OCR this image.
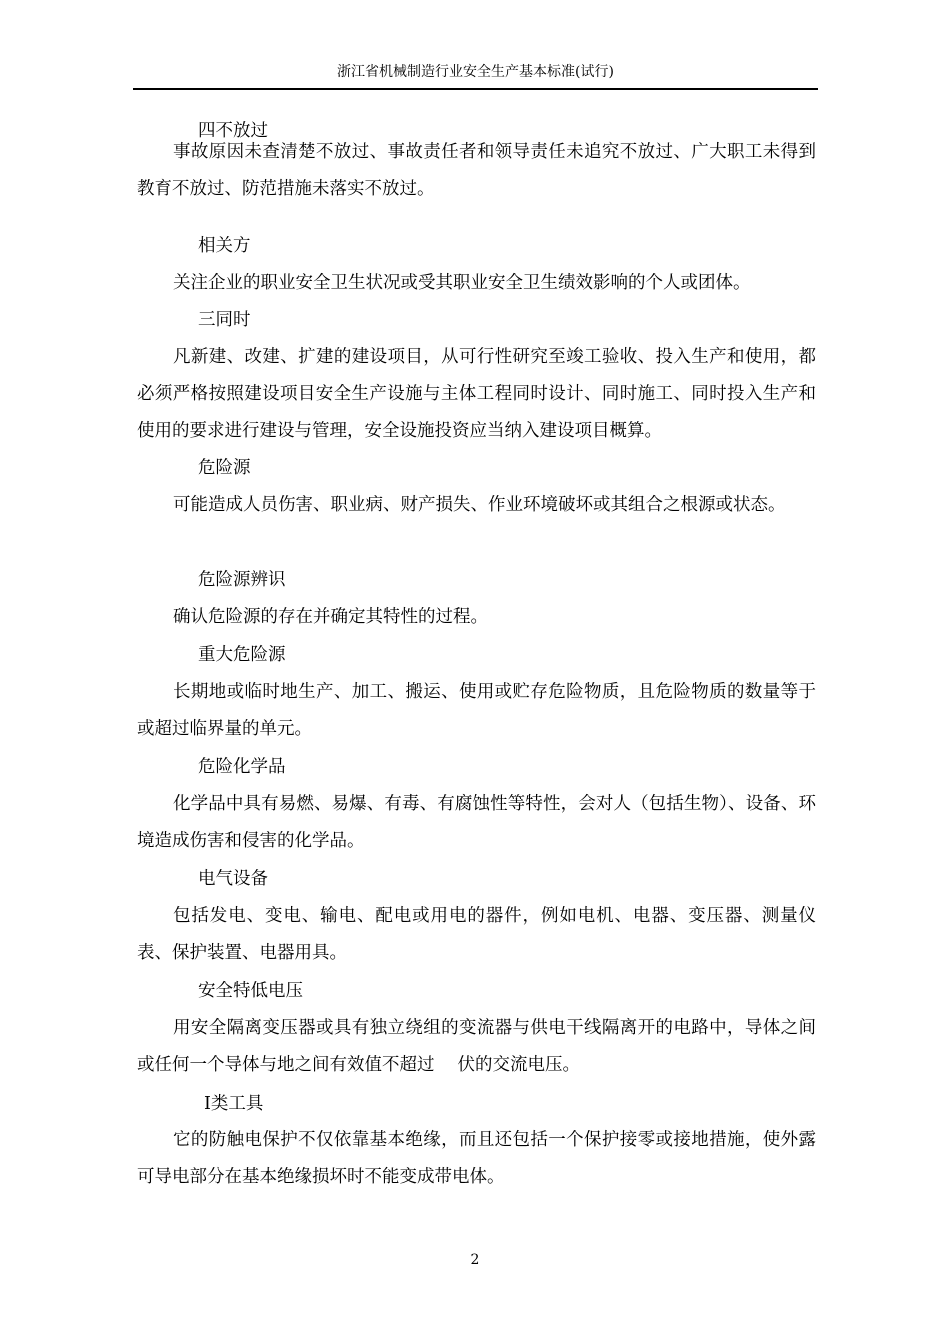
浙江省机械制造行业安全生产基本标准(试行)
四不放过

事故原因未查清楚不放过、事故责任者和领导责任未追究不放过、广大职工未得到教育不放过、防范措施未落实不放过。

相关方

关注企业的职业安全卫生状况或受其职业安全卫生绩效影响的个人或团体。

三同时

凡新建、改建、扩建的建设项目，从可行性研究至竣工验收、投入生产和使用，都必须严格按照建设项目安全生产设施与主体工程同时设计、同时施工、同时投入生产和使用的要求进行建设与管理，安全设施投资应当纳入建设项目概算。

危险源

可能造成人员伤害、职业病、财产损失、作业环境破坏或其组合之根源或状态。

危险源辨识

确认危险源的存在并确定其特性的过程。

重大危险源

长期地或临时地生产、加工、搬运、使用或贮存危险物质，且危险物质的数量等于或超过临界量的单元。

危险化学品

化学品中具有易燃、易爆、有毒、有腐蚀性等特性，会对人（包括生物）、设备、环境造成伤害和侵害的化学品。

电气设备

包括发电、变电、输电、配电或用电的器件，例如电机、电器、变压器、测量仪表、保护装置、电器用具。

安全特低电压

用安全隔离变压器或具有独立绕组的变流器与供电干线隔离开的电路中，导体之间或任何一个导体与地之间有效值不超过　 伏的交流电压。

Ⅰ类工具

它的防触电保护不仅依靠基本绝缘，而且还包括一个保护接零或接地措施，使外露可导电部分在基本绝缘损坏时不能变成带电体。

2
